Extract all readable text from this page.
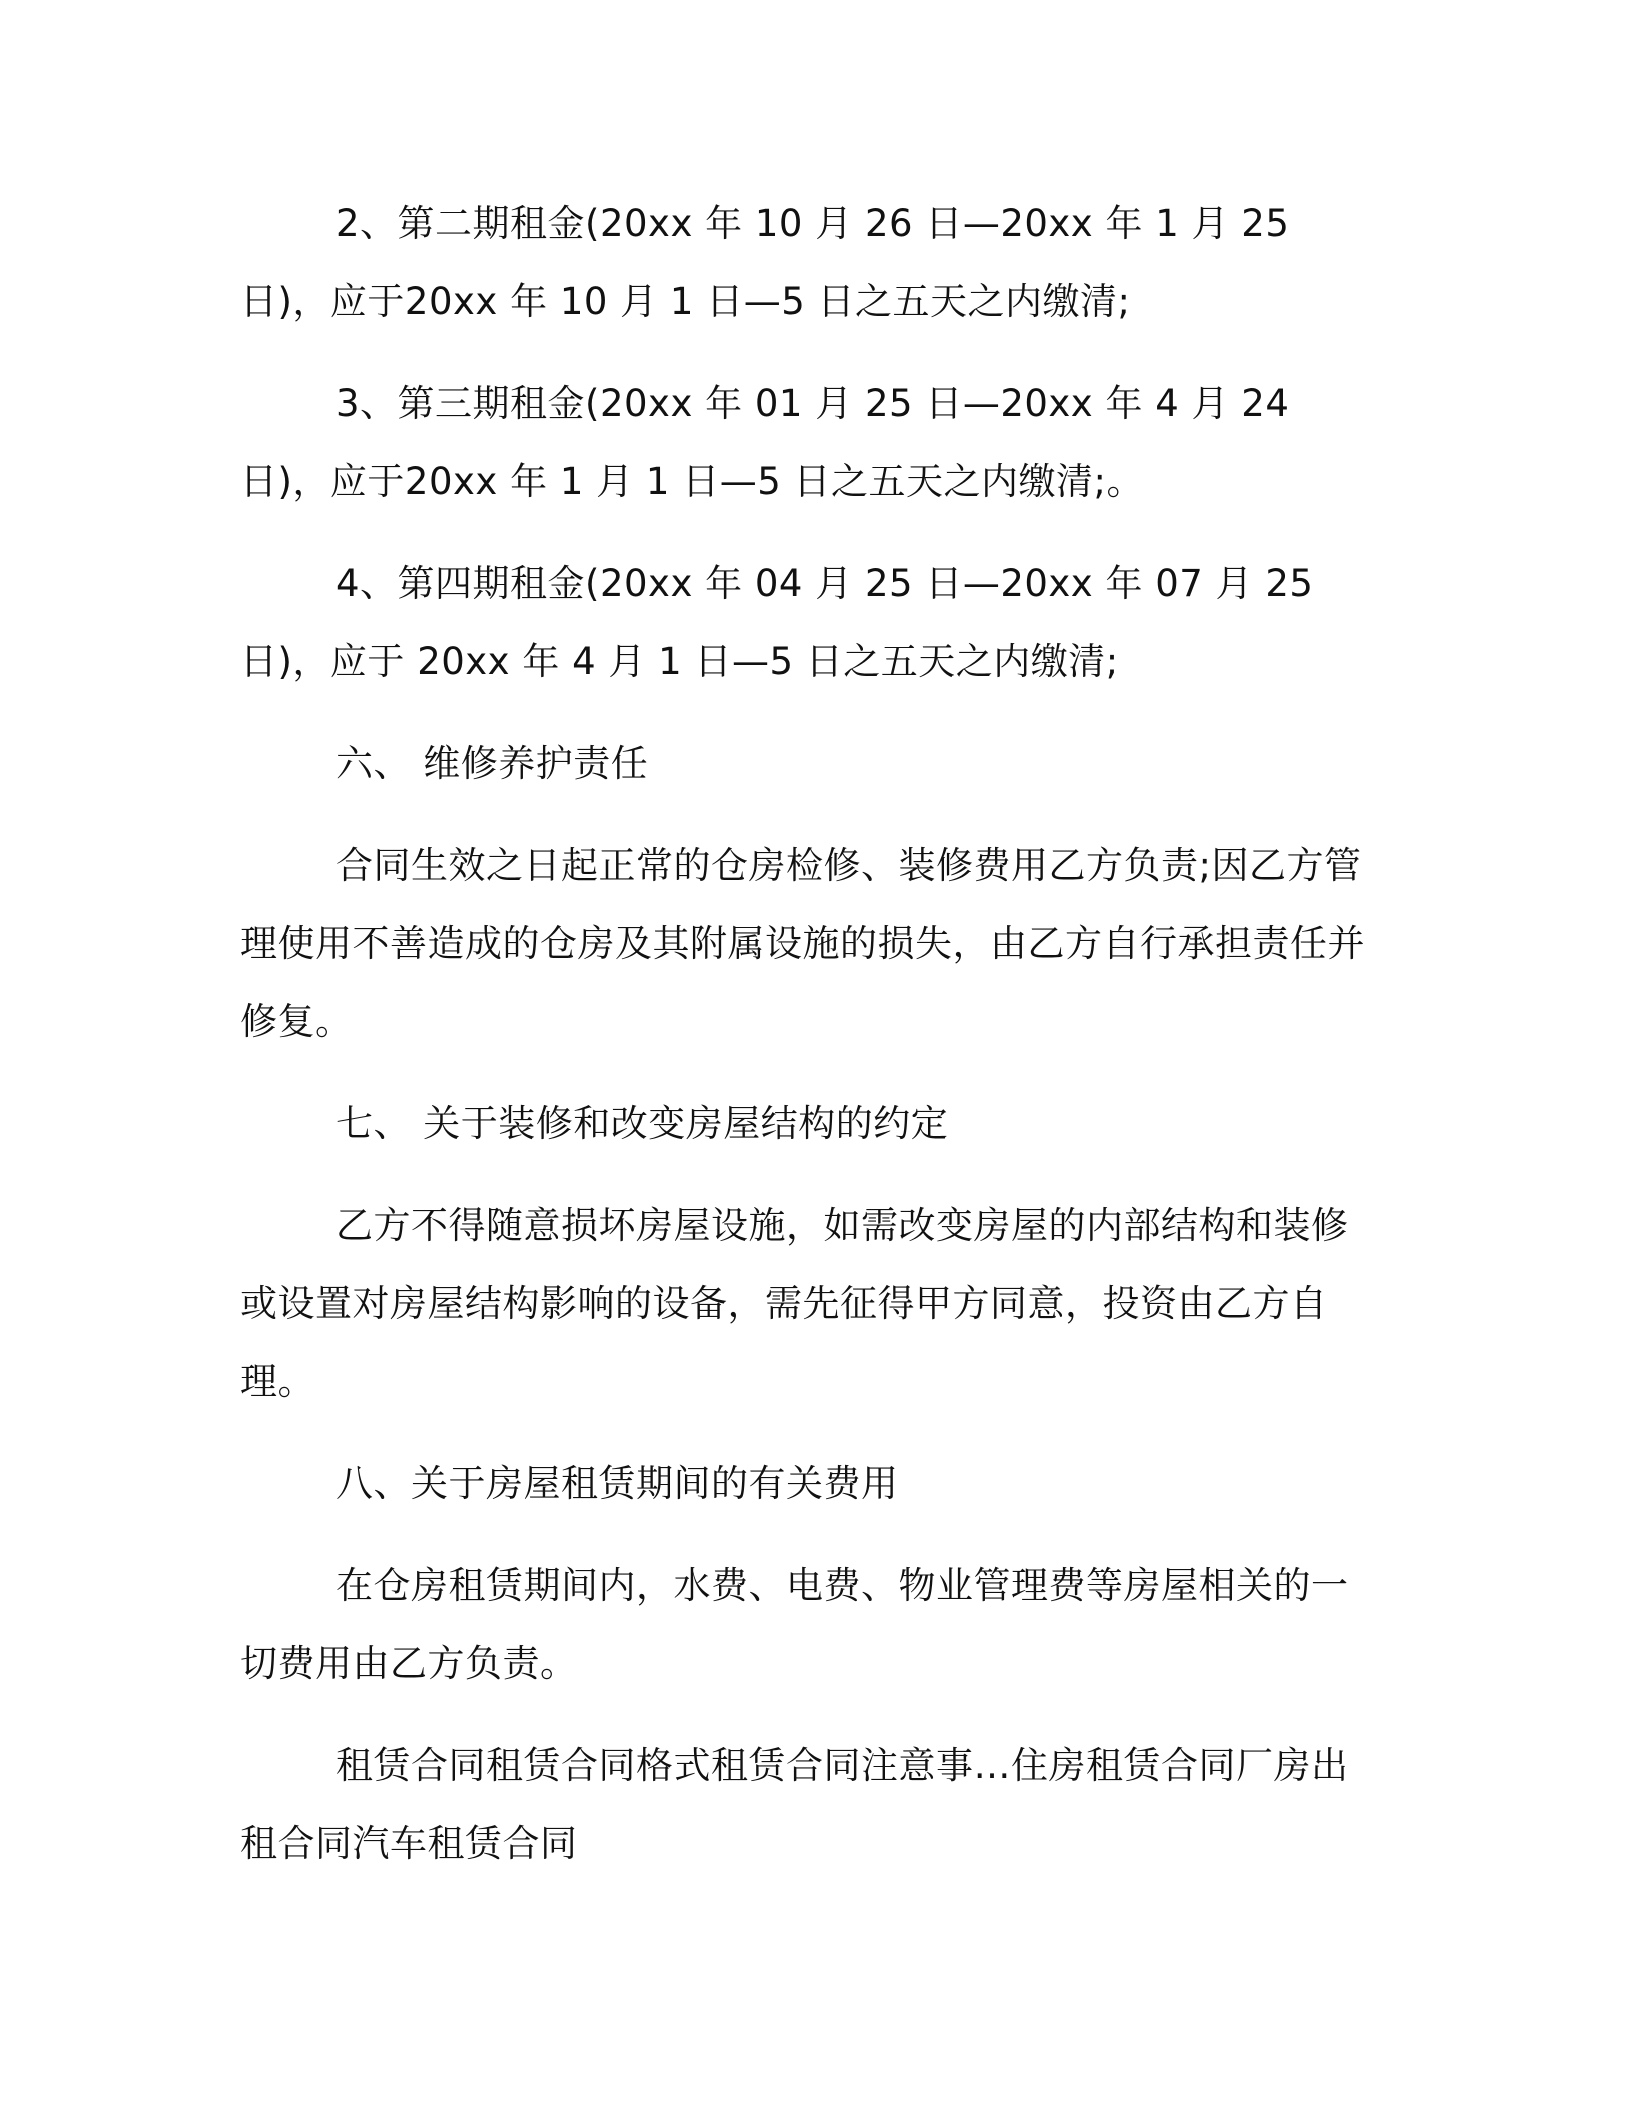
2、第二期租金(20xx 年 10 月 26 日—20xx 年 1 月 25 日)，应于20xx 年 10 月 1 日—5 日之五天之内缴清;

3、第三期租金(20xx 年 01 月 25 日—20xx 年 4 月 24 日)，应于20xx 年 1 月 1 日—5 日之五天之内缴清;。

4、第四期租金(20xx 年 04 月 25 日—20xx 年 07 月 25 日)，应于 20xx 年 4 月 1 日—5 日之五天之内缴清;

六、 维修养护责任

合同生效之日起正常的仓房检修、装修费用乙方负责;因乙方管理使用不善造成的仓房及其附属设施的损失，由乙方自行承担责任并修复。

七、 关于装修和改变房屋结构的约定

乙方不得随意损坏房屋设施，如需改变房屋的内部结构和装修或设置对房屋结构影响的设备，需先征得甲方同意，投资由乙方自理。

八、关于房屋租赁期间的有关费用

在仓房租赁期间内，水费、电费、物业管理费等房屋相关的一切费用由乙方负责。

租赁合同租赁合同格式租赁合同注意事…住房租赁合同厂房出租合同汽车租赁合同
